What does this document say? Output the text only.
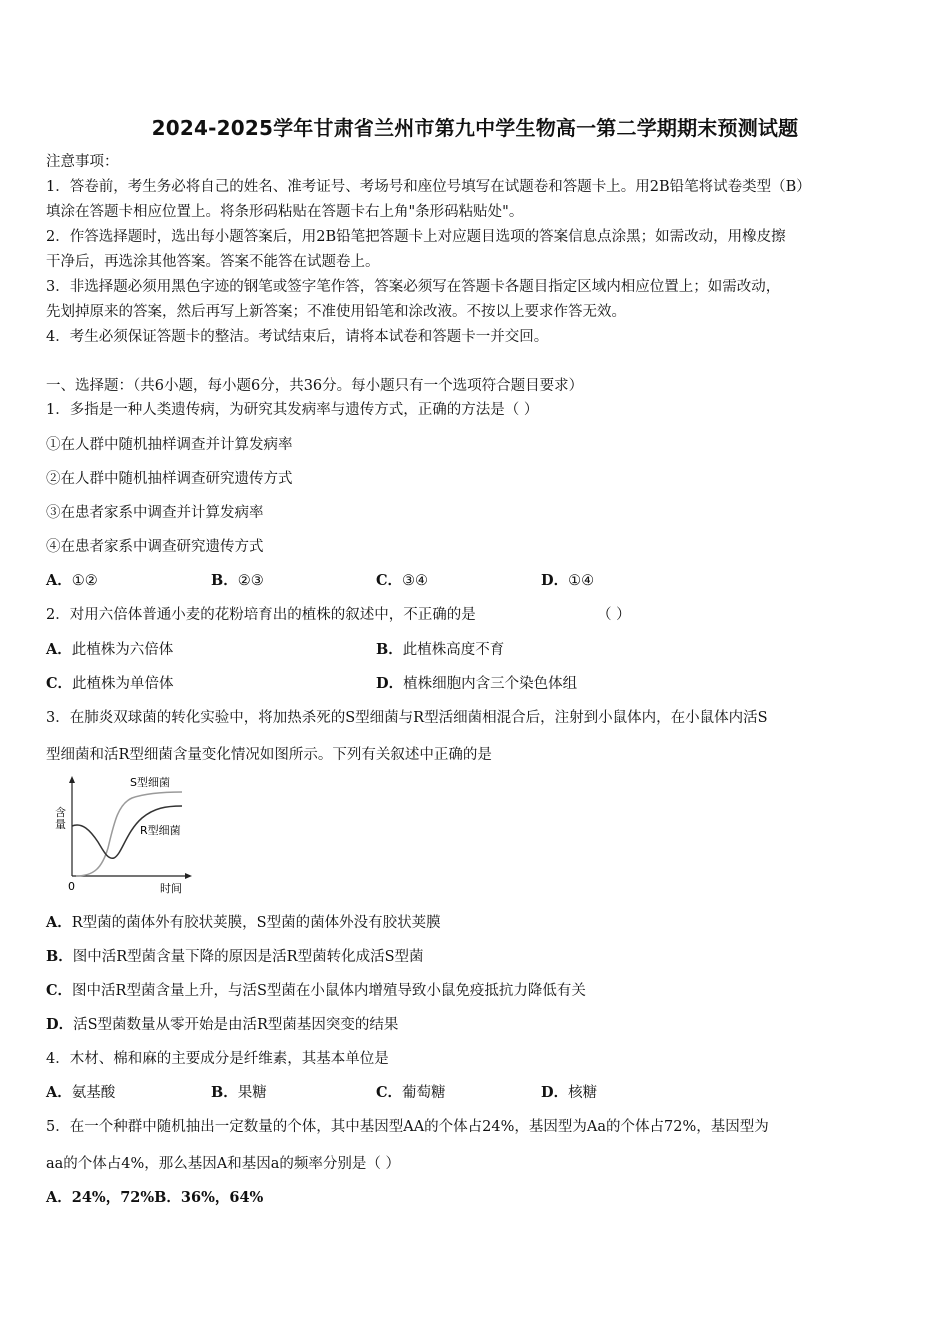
2024-2025学年甘肃省兰州市第九中学生物高一第二学期期末预测试题
注意事项：
1．答卷前，考生务必将自己的姓名、准考证号、考场号和座位号填写在试题卷和答题卡上。用2B铅笔将试卷类型（B）
填涂在答题卡相应位置上。将条形码粘贴在答题卡右上角"条形码粘贴处"。
2．作答选择题时，选出每小题答案后，用2B铅笔把答题卡上对应题目选项的答案信息点涂黑；如需改动，用橡皮擦
干净后，再选涂其他答案。答案不能答在试题卷上。
3．非选择题必须用黑色字迹的钢笔或签字笔作答，答案必须写在答题卡各题目指定区域内相应位置上；如需改动，
先划掉原来的答案，然后再写上新答案；不准使用铅笔和涂改液。不按以上要求作答无效。
4．考生必须保证答题卡的整洁。考试结束后，请将本试卷和答题卡一并交回。
一、选择题：（共6小题，每小题6分，共36分。每小题只有一个选项符合题目要求）
1．多指是一种人类遗传病，为研究其发病率与遗传方式，正确的方法是（ ）
①在人群中随机抽样调查并计算发病率
②在人群中随机抽样调查研究遗传方式
③在患者家系中调查并计算发病率
④在患者家系中调查研究遗传方式
A．①②	B．②③	C．③④	D．①④
2．对用六倍体普通小麦的花粉培育出的植株的叙述中，不正确的是	（ ）
A．此植株为六倍体	B．此植株高度不育
C．此植株为单倍体	D．植株细胞内含三个染色体组
3．在肺炎双球菌的转化实验中，将加热杀死的S型细菌与R型活细菌相混合后，注射到小鼠体内，在小鼠体内活S
型细菌和活R型细菌含量变化情况如图所示。下列有关叙述中正确的是
含
量
S型细菌
R型细菌
0	时间
A．R型菌的菌体外有胶状荚膜，S型菌的菌体外没有胶状荚膜
B．图中活R型菌含量下降的原因是活R型菌转化成活S型菌
C．图中活R型菌含量上升，与活S型菌在小鼠体内增殖导致小鼠免疫抵抗力降低有关
D．活S型菌数量从零开始是由活R型菌基因突变的结果
4．木材、棉和麻的主要成分是纤维素，其基本单位是
A．氨基酸	B．果糖	C．葡萄糖	D．核糖
5．在一个种群中随机抽出一定数量的个体，其中基因型AA的个体占24%，基因型为Aa的个体占72%，基因型为
aa的个体占4%，那么基因A和基因a的频率分别是（ ）
A．24%，72%B．36%，64%
